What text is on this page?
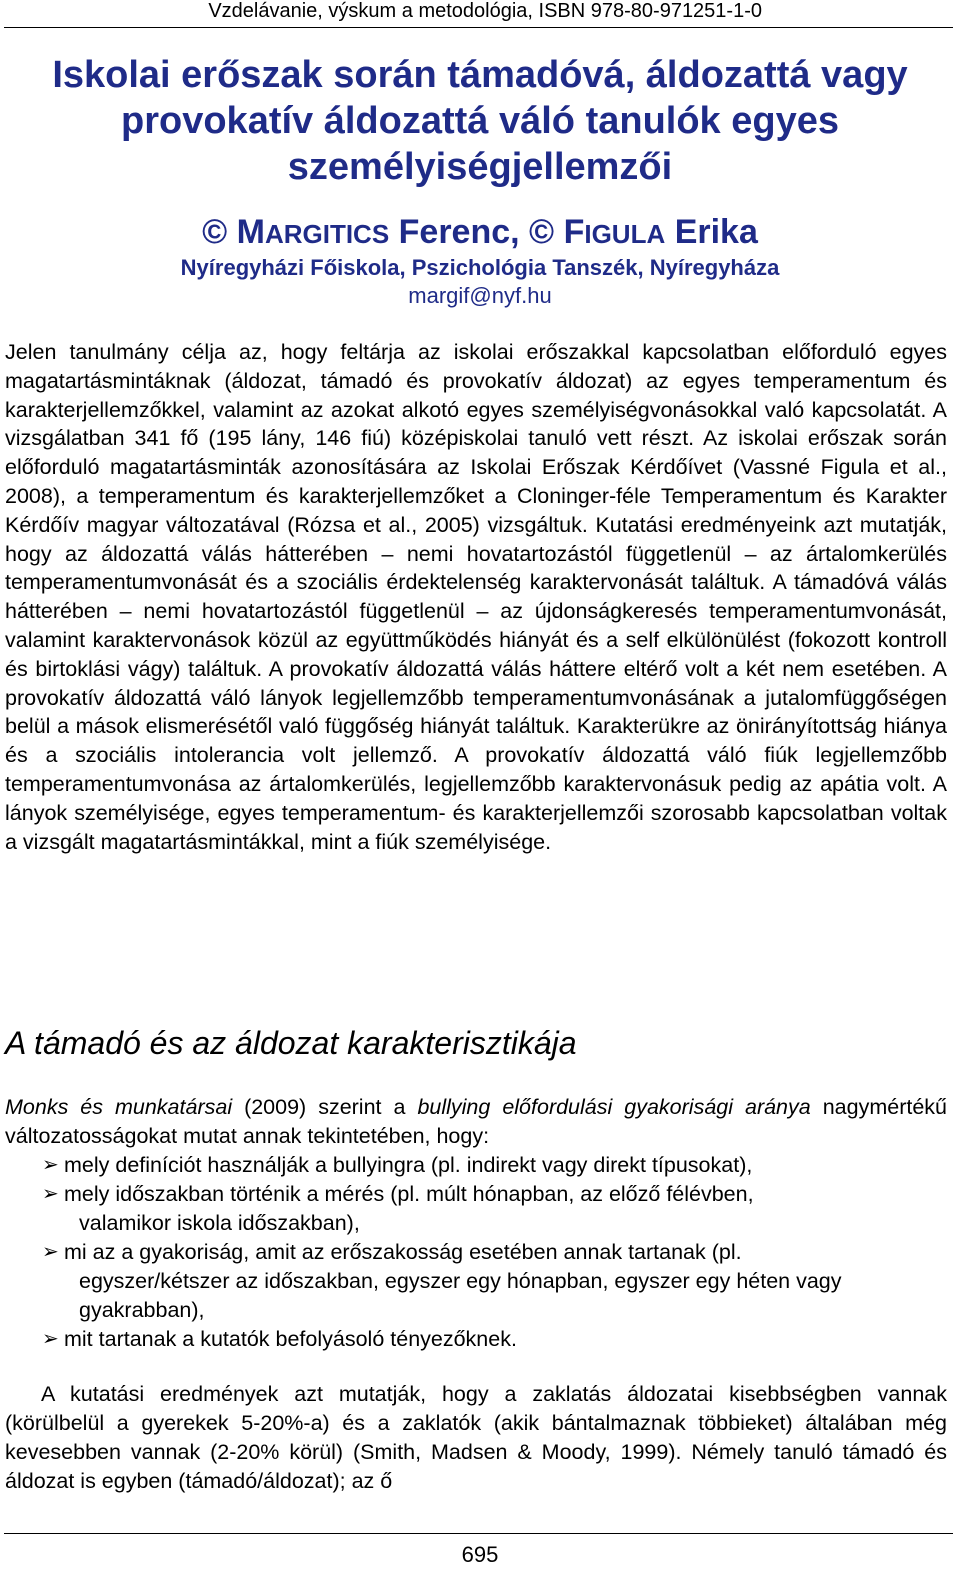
Vzdelávanie, výskum a metodológia, ISBN 978-80-971251-1-0
Iskolai erőszak során támadóvá, áldozattá vagy
provokatív áldozattá váló tanulók egyes
személyiségjellemzői
© MARGITICS Ferenc, © FIGULA Erika
Nyíregyházi Főiskola, Pszichológia Tanszék, Nyíregyháza
margif@nyf.hu

Jelen tanulmány célja az, hogy feltárja az iskolai erőszakkal kapcsolatban előforduló egyes magatartásmintáknak (áldozat, támadó és provokatív áldozat) az egyes temperamentum és karakterjellemzőkkel, valamint az azokat alkotó egyes személyiségvonásokkal való kapcsolatát. A vizsgálatban 341 fő (195 lány, 146 fiú) középiskolai tanuló vett részt. Az iskolai erőszak során előforduló magatartásminták azonosítására az Iskolai Erőszak Kérdőívet (Vassné Figula et al., 2008), a temperamentum és karakterjellemzőket a Cloninger-féle Temperamentum és Karakter Kérdőív magyar változatával (Rózsa et al., 2005) vizsgáltuk. Kutatási eredményeink azt mutatják, hogy az áldozattá válás hátterében – nemi hovatartozástól függetlenül – az ártalomkerülés temperamentumvonását és a szociális érdektelenség karaktervonását találtuk. A támadóvá válás hátterében – nemi hovatartozástól függetlenül – az újdonságkeresés temperamentumvonását, valamint karaktervonások közül az együttműködés hiányát és a self elkülönülést (fokozott kontroll és birtoklási vágy) találtuk. A provokatív áldozattá válás háttere eltérő volt a két nem esetében. A provokatív áldozattá váló lányok legjellemzőbb temperamentumvonásának a jutalomfüggőségen belül a mások elismerésétől való függőség hiányát találtuk. Karakterükre az önirányítottság hiánya és a szociális intolerancia volt jellemző. A provokatív áldozattá váló fiúk legjellemzőbb temperamentumvonása az ártalomkerülés, legjellemzőbb karaktervonásuk pedig az apátia volt. A lányok személyisége, egyes temperamentum- és karakterjellemzői szorosabb kapcsolatban voltak a vizsgált magatartásmintákkal, mint a fiúk személyisége.

A támadó és az áldozat karakterisztikája

Monks és munkatársai (2009) szerint a bullying előfordulási gyakorisági aránya nagymértékű változatosságokat mutat annak tekintetében, hogy:

➢ mely definíciót használják a bullyingra (pl. indirekt vagy direkt típusokat),
➢ mely időszakban történik a mérés (pl. múlt hónapban, az előző félévben,
valamikor iskola időszakban),
➢ mi az a gyakoriság, amit az erőszakosság esetében annak tartanak (pl.
egyszer/kétszer az időszakban, egyszer egy hónapban, egyszer egy héten vagy gyakrabban),
➢ mit tartanak a kutatók befolyásoló tényezőknek.

A kutatási eredmények azt mutatják, hogy a zaklatás áldozatai kisebbségben vannak (körülbelül a gyerekek 5-20%-a) és a zaklatók (akik bántalmaznak többieket) általában még kevesebben vannak (2-20% körül) (Smith, Madsen & Moody, 1999). Némely tanuló támadó és áldozat is egyben (támadó/áldozat); az ő

695
